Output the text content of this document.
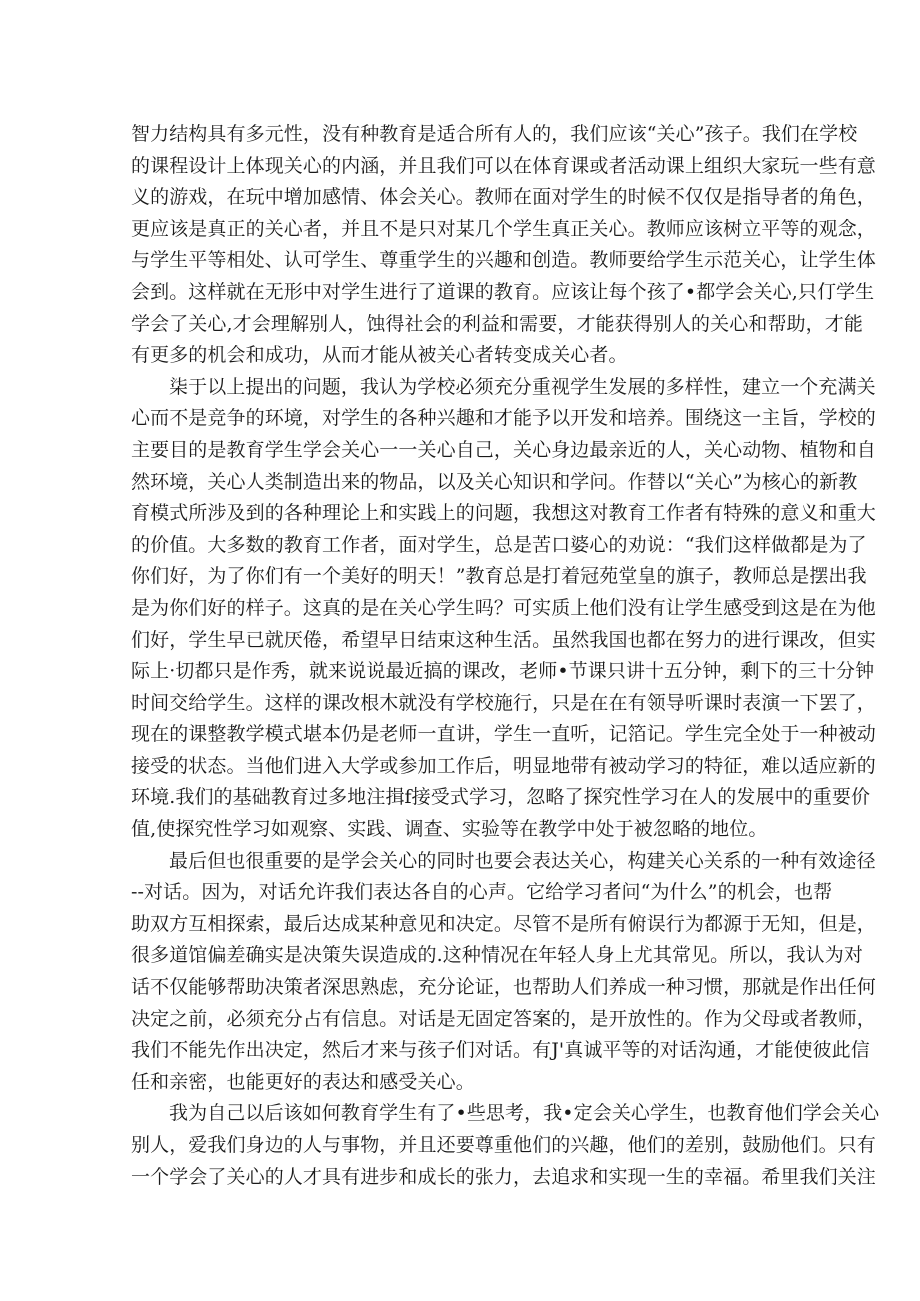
智力结构具有多元性，没有种教育是适合所有人的，我们应该“关心”孩子。我们在学校
的课程设计上体现关心的内涵，并且我们可以在体育课或者活动课上组织大家玩一些有意
义的游戏，在玩中增加感情、体会关心。教师在面对学生的时候不仅仅是指导者的角色，
更应该是真正的关心者，并且不是只对某几个学生真正关心。教师应该树立平等的观念，
与学生平等相处、认可学生、尊重学生的兴趣和创造。教师要给学生示范关心，让学生体
会到。这样就在无形中对学生进行了道课的教育。应该让每个孩了•都学会关心,只仃学生
学会了关心,才会理解别人，蚀得社会的利益和需要，才能获得别人的关心和帮助，才能
有更多的机会和成功，从而才能从被关心者转变成关心者。
柒于以上提出的问题，我认为学校必须充分重视学生发展的多样性，建立一个充满关
心而不是竞争的环境，对学生的各种兴趣和才能予以开发和培养。围绕这一主旨，学校的
主要目的是教育学生学会关心一一关心自己，关心身边最亲近的人，关心动物、植物和自
然环境，关心人类制造出来的物品，以及关心知识和学问。作替以“关心”为核心的新教
育模式所涉及到的各种理论上和实践上的问题，我想这对教育工作者有特殊的意义和重大
的价值。大多数的教育工作者，面对学生，总是苦口婆心的劝说：“我们这样做都是为了
你们好，为了你们有一个美好的明天！”教育总是打着冠苑堂皇的旗子，教师总是摆出我
是为你们好的样子。这真的是在关心学生吗？可实质上他们没有让学生感受到这是在为他
们好，学生早已就厌倦，希望早日结束这种生活。虽然我国也都在努力的进行课改，但实
际上·切都只是作秀，就来说说最近搞的课改，老师•节课只讲十五分钟，剩下的三十分钟
时间交给学生。这样的课改根木就没有学校施行，只是在在有领导听课时表演一下罢了，
现在的课整教学模式堪本仍是老师一直讲，学生一直听，记箔记。学生完全处于一种被动
接受的状态。当他们进入大学或参加工作后，明显地带有被动学习的特征，难以适应新的
环境.我们的基础教育过多地注揖f接受式学习，忽略了探究性学习在人的发展中的重要价
值,使探究性学习如观察、实践、调查、实验等在教学中处于被忽略的地位。
最后但也很重要的是学会关心的同时也要会表达关心，构建关心关系的一种有效途径
--对话。因为，对话允许我们表达各自的心声。它给学习者问“为什么”的机会，也帮
助双方互相探索，最后达成某种意见和决定。尽管不是所有俯误行为都源于无知，但是，
很多道馆偏差确实是决策失误造成的.这种情况在年轻人身上尤其常见。所以，我认为对
话不仅能够帮助决策者深思熟虑，充分论证，也帮助人们养成一种习惯，那就是作出任何
决定之前，必须充分占有信息。对话是无固定答案的，是开放性的。作为父母或者教师，
我们不能先作出决定，然后才来与孩子们对话。有J'真诚平等的对话沟通，才能使彼此信
任和亲密，也能更好的表达和感受关心。
我为自己以后该如何教育学生有了•些思考，我•定会关心学生，也教育他们学会关心
别人，爱我们身边的人与事物，并且还要尊重他们的兴趣，他们的差别，鼓励他们。只有
一个学会了关心的人才具有进步和成长的张力，去追求和实现一生的幸福。希里我们关注
